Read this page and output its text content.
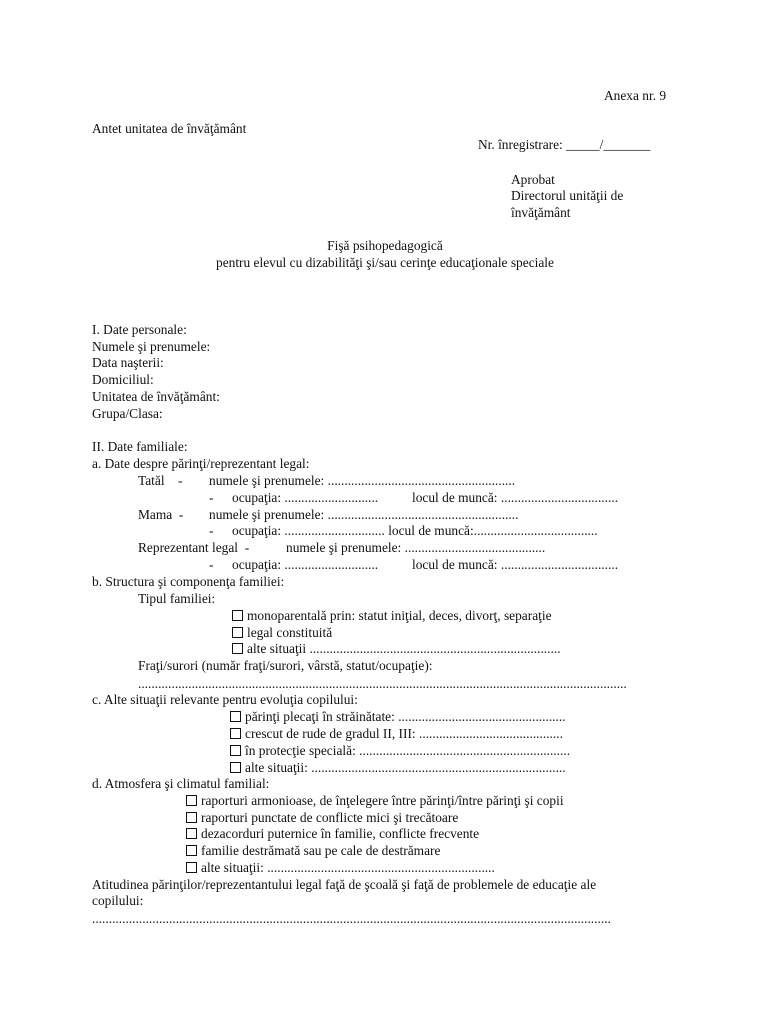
Anexa nr. 9
Antet unitatea de învăţământ
Nr. înregistrare: _____/_______
Aprobat
Directorul unităţii de
învăţământ
Fişă psihopedagogică
pentru elevul cu dizabilităţi şi/sau cerinţe educaţionale speciale
I. Date personale:
Numele şi prenumele:
Data naşterii:
Domiciliul:
Unitatea de învăţământ:
Grupa/Clasa:
II. Date familiale:
a. Date despre părinţi/reprezentant legal:
Tatăl    - numele şi prenumele: ........................................................
- ocupaţia: ............................	locul de muncă: ...................................
Mama  - numele şi prenumele: .........................................................
- ocupaţia: .............................. locul de muncă:.....................................
Reprezentant legal  -	numele şi prenumele: ..........................................
- ocupaţia: ............................	locul de muncă: ...................................
b. Structura şi componenţa familiei:
Tipul familiei:
monoparentală prin: statut iniţial, deces, divorţ, separaţie
legal constituită
alte situaţii ...........................................................................
Fraţi/surori (număr fraţi/surori, vârstă, statut/ocupaţie):
..................................................................................................................................................
c. Alte situaţii relevante pentru evoluţia copilului:
părinţi plecaţi în străinătate: ..................................................
crescut de rude de gradul II, III: ...........................................
în protecţie specială: ...............................................................
alte situaţii: ............................................................................
d. Atmosfera şi climatul familial:
raporturi armonioase, de înţelegere între părinţi/între părinţi şi copii
raporturi punctate de conflicte mici şi trecătoare
dezacorduri puternice în familie, conflicte frecvente
familie destrămată sau pe cale de destrămare
alte situaţii: ....................................................................
Atitudinea părinţilor/reprezentantului legal faţă de şcoală şi faţă de problemele de educaţie ale
copilului:
...........................................................................................................................................................
